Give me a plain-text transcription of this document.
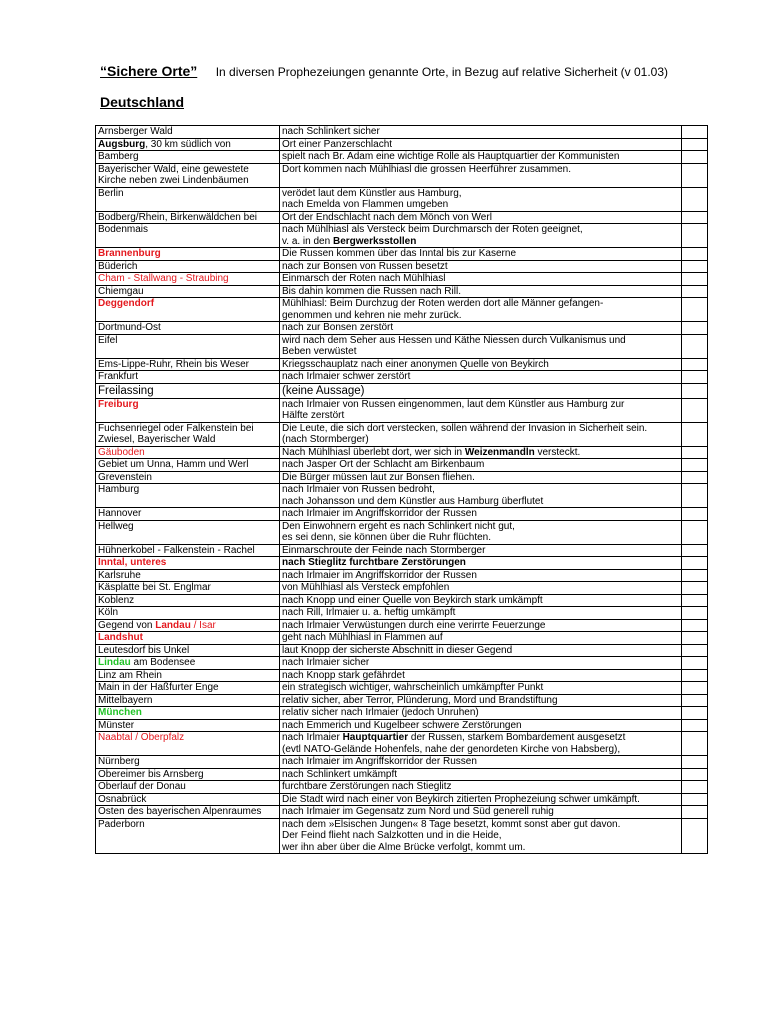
“Sichere Orte” In diversen Prophezeiungen genannte Orte, in Bezug auf relative Sicherheit (v 01.03)
Deutschland
Arnsberger Wald	nach Schlinkert sicher	
Augsburg, 30 km südlich von	Ort einer Panzerschlacht	
Bamberg	spielt nach Br. Adam eine wichtige Rolle als Hauptquartier der Kommunisten	
Bayerischer Wald, eine gewestete
Kirche neben zwei Lindenbäumen	Dort kommen nach Mühlhiasl die grossen Heerführer zusammen.	
Berlin	verödet laut dem Künstler aus Hamburg,
nach Emelda von Flammen umgeben	
Bodberg/Rhein, Birkenwäldchen bei	Ort der Endschlacht nach dem Mönch von Werl	
Bodenmais	nach Mühlhiasl als Versteck beim Durchmarsch der Roten geeignet,
v. a. in den Bergwerksstollen	
Brannenburg	Die Russen kommen über das Inntal bis zur Kaserne	
Büderich	nach zur Bonsen von Russen besetzt	
Cham - Stallwang - Straubing	Einmarsch der Roten nach Mühlhiasl	
Chiemgau	Bis dahin kommen die Russen nach Rill.	
Deggendorf	Mühlhiasl: Beim Durchzug der Roten werden dort alle Männer gefangen-
genommen und kehren nie mehr zurück.	
Dortmund-Ost	nach zur Bonsen zerstört	
Eifel	wird nach dem Seher aus Hessen und Käthe Niessen durch Vulkanismus und
Beben verwüstet	
Ems-Lippe-Ruhr, Rhein bis Weser	Kriegsschauplatz nach einer anonymen Quelle von Beykirch	
Frankfurt	nach Irlmaier schwer zerstört	
Freilassing	(keine Aussage)	
Freiburg	nach Irlmaier von Russen eingenommen, laut dem Künstler aus Hamburg zur
Hälfte zerstört	
Fuchsenriegel oder Falkenstein bei
Zwiesel, Bayerischer Wald	Die Leute, die sich dort verstecken, sollen während der Invasion in Sicherheit sein.
(nach Stormberger)	
Gäuboden	Nach Mühlhiasl überlebt dort, wer sich in Weizenmandln versteckt.	
Gebiet um Unna, Hamm und Werl	nach Jasper Ort der Schlacht am Birkenbaum	
Grevenstein	Die Bürger müssen laut zur Bonsen fliehen.	
Hamburg	nach Irlmaier von Russen bedroht,
nach Johansson und dem Künstler aus Hamburg überflutet	
Hannover	nach Irlmaier im Angriffskorridor der Russen	
Hellweg	Den Einwohnern ergeht es nach Schlinkert nicht gut,
es sei denn, sie können über die Ruhr flüchten.	
Hühnerkobel - Falkenstein - Rachel	Einmarschroute der Feinde nach Stormberger	
Inntal, unteres	nach Stieglitz furchtbare Zerstörungen	
Karlsruhe	nach Irlmaier im Angriffskorridor der Russen	
Käsplatte bei St. Englmar	von Mühlhiasl als Versteck empfohlen	
Koblenz	nach Knopp und einer Quelle von Beykirch stark umkämpft	
Köln	nach Rill, Irlmaier u. a. heftig umkämpft	
Gegend von Landau / Isar	nach Irlmaier Verwüstungen durch eine verirrte Feuerzunge	
Landshut	geht nach Mühlhiasl in Flammen auf	
Leutesdorf bis Unkel	laut Knopp der sicherste Abschnitt in dieser Gegend	
Lindau am Bodensee	nach Irlmaier sicher	
Linz am Rhein	nach Knopp stark gefährdet	
Main in der Haßfurter Enge	ein strategisch wichtiger, wahrscheinlich umkämpfter Punkt	
Mittelbayern	relativ sicher, aber Terror, Plünderung, Mord und Brandstiftung	
München	relativ sicher nach Irlmaier (jedoch Unruhen)	
Münster	nach Emmerich und Kugelbeer schwere Zerstörungen	
Naabtal / Oberpfalz	nach Irlmaier Hauptquartier der Russen, starkem Bombardement ausgesetzt
(evtl NATO-Gelände Hohenfels, nahe der genordeten Kirche von Habsberg),	
Nürnberg	nach Irlmaier im Angriffskorridor der Russen	
Obereimer bis Arnsberg	nach Schlinkert umkämpft	
Oberlauf der Donau	furchtbare Zerstörungen nach Stieglitz	
Osnabrück	Die Stadt wird nach einer von Beykirch zitierten Prophezeiung schwer umkämpft.	
Osten des bayerischen Alpenraumes	nach Irlmaier im Gegensatz zum Nord und Süd generell ruhig	
Paderborn	nach dem »Elsischen Jungen« 8 Tage besetzt, kommt sonst aber gut davon.
Der Feind flieht nach Salzkotten und in die Heide,
wer ihn aber über die Alme Brücke verfolgt, kommt um.	
